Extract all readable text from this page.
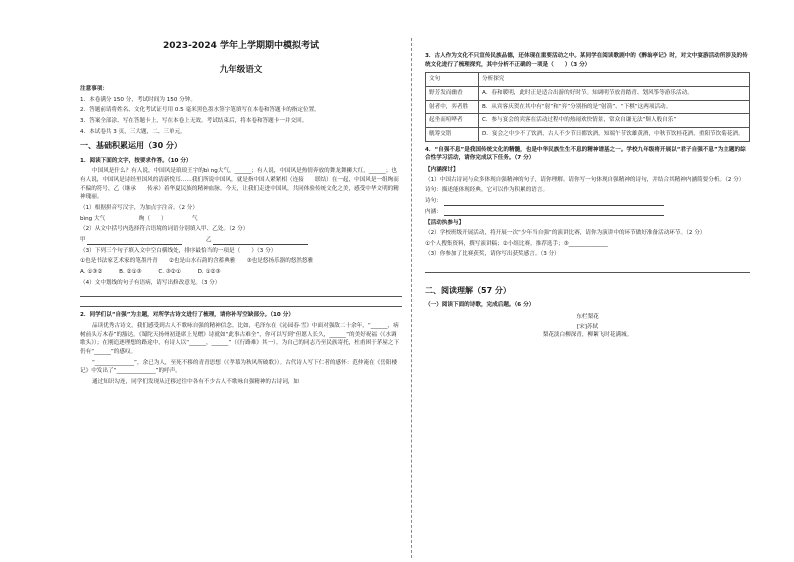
2023-2024 学年上学期期中模拟考试
九年级语文
注意事项：
1．本卷满分 150 分，考试时间为 150 分钟。
2．答题前请将姓名、文化考试证号用 0.5 毫米黑色墨水签字笔填写在本卷和答题卡的指定位置。
3．答案全部涂、写在答题卡上，写在本卷上无效。考试结束后，将本卷和答题卡一并交回。
4．本试卷共 3 页，三大题，二、三单元。
一、基础积累运用（30 分）
1．阅读下面的文字，按要求作答。（10 分）
中国风是什么？有人说，中国风是琅琅王宇的bì ng大气，______；有人说，中国风是热情奔放的舞龙舞狮大红，______；也有人说，中国风是诗经里国风的清新悦耳……我们所说中国风，就是指中国人紧紧相（连接　　联结）在一起，中国风是一组绚而不偏的符号，乙（继承　　传承）着华夏民族的精神血脉。今天，让我们走进中国风，共同体验传统文化之美，感受中华文明的精神瑰丽。
（1）根据拼音写汉字，为加点字注音。（2 分）
bìng 大气　　　　　　绚（　　）　　　　　气
（2）从文中括号内选择符合语境的词语分别填入甲、乙处。（2 分）
甲	乙
（3）下列三个句子填入文中空白横线处，排序最恰当的一项是（　　）（3 分）
①也是书法家艺术家的笔墨丹青　　②也是山水石韵的含蓄典雅　　③也是悠扬乐器的悠然悠雅
A. ①③②　　　B. ②①③　　　C. ③②①　　　D. ①②③
（4）文中划线的句子有语病，请写出修改意见。（3 分）
2．同学们以“自强”为主题，对所学古诗文进行了梳理，请你补写空缺部分。（10 分）
品读优秀古诗文，我们感受到古人不歌咏自强的精神信念。比如，毛泽东在《沁园春·雪》中面对强敌二十余年，“______，病树前头万木春”的豁达。《蜀陀天扬州初逢席上见赠》诗就如“此事古难全”，你可以写到“但愿人长久，______”的美好祝福（《水调歌头》）；在刚追逐理想的路途中，有诗人以“______，______”（《行路难》其一）。为自己的同志乃至民族寄托，杜甫困于茅屋之下仍有“______”的感叹。
“______________”，余已为人，至死不移的青青思想（《孝慕为秋风所破歌》）。古代诗人写下仁者的感怀：范仲淹在《岳阳楼记》中发出了“______________”的呼声。
通过知识勾连，同学们发现从迁移过往中各有不少古人不歌咏自强精神的古诗词，如
3．古人作为文化不只宣传民族品德，还体现在重要活动之中。某同学在阅读歌剧中的《醉翁亭记》时，对文中宴游活动所涉及的传统文化进行了梳理探究，其中分析不正确的一项是（　　）（3 分）
文句	分析探究
野芳发而幽香	A．春和暖明，此时正是适合出游的好时节。知调明节放青踏青、划风筝等游乐活动。
射者中，弈者胜	B．从宾客庆贺在其中有“射”和“弈”分别指的是“射箭”、“下棋”这两项活动。
起坐而喧哗者	C．参与宴会的宾客在活动过程中的热闹欢快情景，常众自谦无法“颓人般自乐”
觥筹交错	D．宴会之中少不了饮酒，古人不少节日都饮酒，知端午节饮雄黄酒，中秋节饮桂花酒，重阳节饮菊花酒。
4．“自强不息”是我国传统文化的精髓，也是中华民族生生不息的精神谱基之一。学校九年级将开展以“君子自强不息”为主题的综合性学习活动，请你完成以下任务。（7 分）
【内涵探讨】
（1）中国古诗词与众多体现自强精神的句子，请你理解。请你写一句体现自强精神的诗句，并结合其精神内涵简要分析。（2 分）
诗句：描述能体现经典，它可以作为积累的语言。
诗句：
内涵：
【活动执参与】
（2）学校班级开展活动，将开展一次“少年当自强”的演讲比赛，请你为演讲中的环节做好准备活动环节。（2 分）
①个人搜集资料，撰写演讲稿；②小组比赛，推荐选手；③______________
（3）你参加了比赛获奖，请你写出获奖感言。（3 分）
二、阅读理解（57 分）
（一）阅读下面的诗歌，完成后题。（6 分）
东栏梨花
[宋]苏轼
梨花淡白柳深青，柳絮飞时花满城。
